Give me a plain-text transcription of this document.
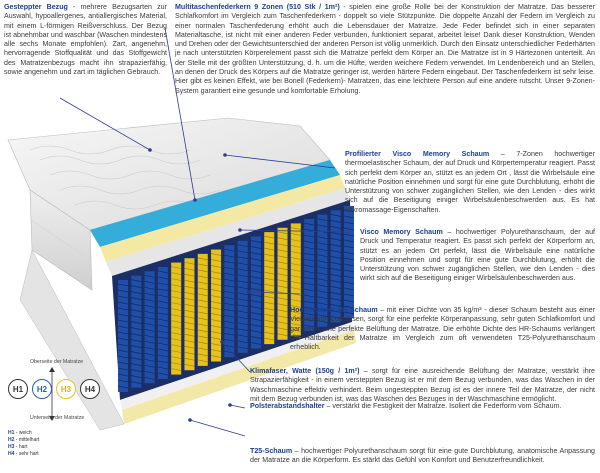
Gesteppter Bezug - mehrere Bezugsarten zur Auswahl, hypoallergenes, antiallergisches Material, mit einem L-förmigen Reißverschluss. Der Bezug ist abnehmbar und waschbar (Waschen mindestens alle sechs Monate empfohlen). Zart, angenehm, hervorragende Stoffqualität und das Stoffgewicht des Matratzenbezugs macht ihn strapazierfähig, sowie angenehm und zart im täglichen Gebrauch.
Multitaschenfederkern 9 Zonen (510 Stk / 1m²) - spielen eine große Rolle bei der Konstruktion der Matratze. Das besserer Schlafkomfort im Vergleich zum Taschenfederkern - doppelt so viele Stützpunkte. Die doppelte Anzahl der Federn im Vergleich zu einer normalen Taschenfederung erhöht auch die Lebensdauer der Matratze. Jede Feder befindet sich in einer separaten Materialtasche, ist nicht mit einer anderen Feder verbunden, funktioniert separat, arbeitet leise! Dank dieser Konstruktion, Wenden und Drehen oder der Gewichtsunterschied der anderen Person ist völlig unmerklich. Durch den Einsatz unterschiedlicher Federhärten je nach unterstützten Körperelement passt sich die Matratze perfekt dem Körper an. Die Matratze ist in 9 Härtezonen unterteilt. An der Stelle mit der größten Unterstützung, d. h. um die Hüfte, werden weichere Federn verwendet. Im Lendenbereich und an Stellen, an denen der Druck des Körpers auf die Matratze geringer ist, werden härtere Federn eingebaut. Der Taschenfederkern ist sehr leise. Hier gibt es keinen Effekt, wie bei Bonell (Federkern)- Matratzen, das eine leichtere Person auf eine andere rutscht. Unser 9-Zonen-System garantiert eine gesunde und komfortable Erholung.
Profilierter Visco Memory Schaum – 7-Zonen hochwertiger thermoelastischer Schaum, der auf Druck und Körpertemperatur reagiert. Passt sich perfekt dem Körper an, stützt es an jedem Ort , lässt die Wirbelsäule eine natürliche Position einnehmen und sorgt für eine gute Durchblutung, erhöht die Unterstützung von schwer zugänglichen Stellen, wie den Lenden - dies wirkt sich auf die Beseitigung einiger Wirbelsäulenbeschwerden aus. Es hat Mikromassage-Eigenschaften.
Visco Memory Schaum – hochwertiger Polyurethanschaum, der auf Druck und Temperatur reagiert. Es passt sich perfekt der Körperform an, stützt es an jedem Ort perfekt, lässt die Wirbelsäule eine natürliche Position einnehmen und sorgt für eine gute Durchblutung, erhöht die Unterstützung von schwer zugänglichen Stellen, wie den Lenden - dies wirkt sich auf die Beseitigung einiger Wirbelsäulenbeschwerden aus.
Hochflexibler HR-Schaum – mit einer Dichte von 35 kg/m³ - dieser Schaum besteht aus einer Vielzahl von Luftblasen, sorgt für eine perfekte Körperanpassung, sehr guten Schlafkomfort und garantiert eine perfekte Belüftung der Matratze. Die erhöhte Dichte des HR-Schaums verlängert die Haltbarkeit der Matratze im Vergleich zum oft verwendeten T25-Polyurethanschaum erheblich.
Klimafaser, Watte (150g / 1m²) – sorgt für eine ausreichende Belüftung der Matratze, verstärkt ihre Strapazierfähigkeit - in einem versteppten Bezug ist er mit dem Bezug verbunden, was das Waschen in der Waschmaschine effektiv verhindert. Beim ungesteppten Bezug ist es der innere Teil der Matratze, der nicht mit dem Bezug verbunden ist, was das Waschen des Bezuges in der Waschmaschine ermöglicht.
Polsterabstandshalter – verstärkt die Festigkeit der Matratze. Isoliert die Federform vom Schaum.
T25-Schaum – hochwertiger Polyurethanschaum sorgt für eine gute Durchblutung, anatomische Anpassung der Matratze an die Körperform. Es stärkt das Gefühl von Komfort und Benutzerfreundlichkeit.
Oberseite der Matratze
H1 H2 H3 H4
Unterseite der Matratze
H1 - weich
H2 - mittelhart
H3 - hart
H4 - sehr hart
